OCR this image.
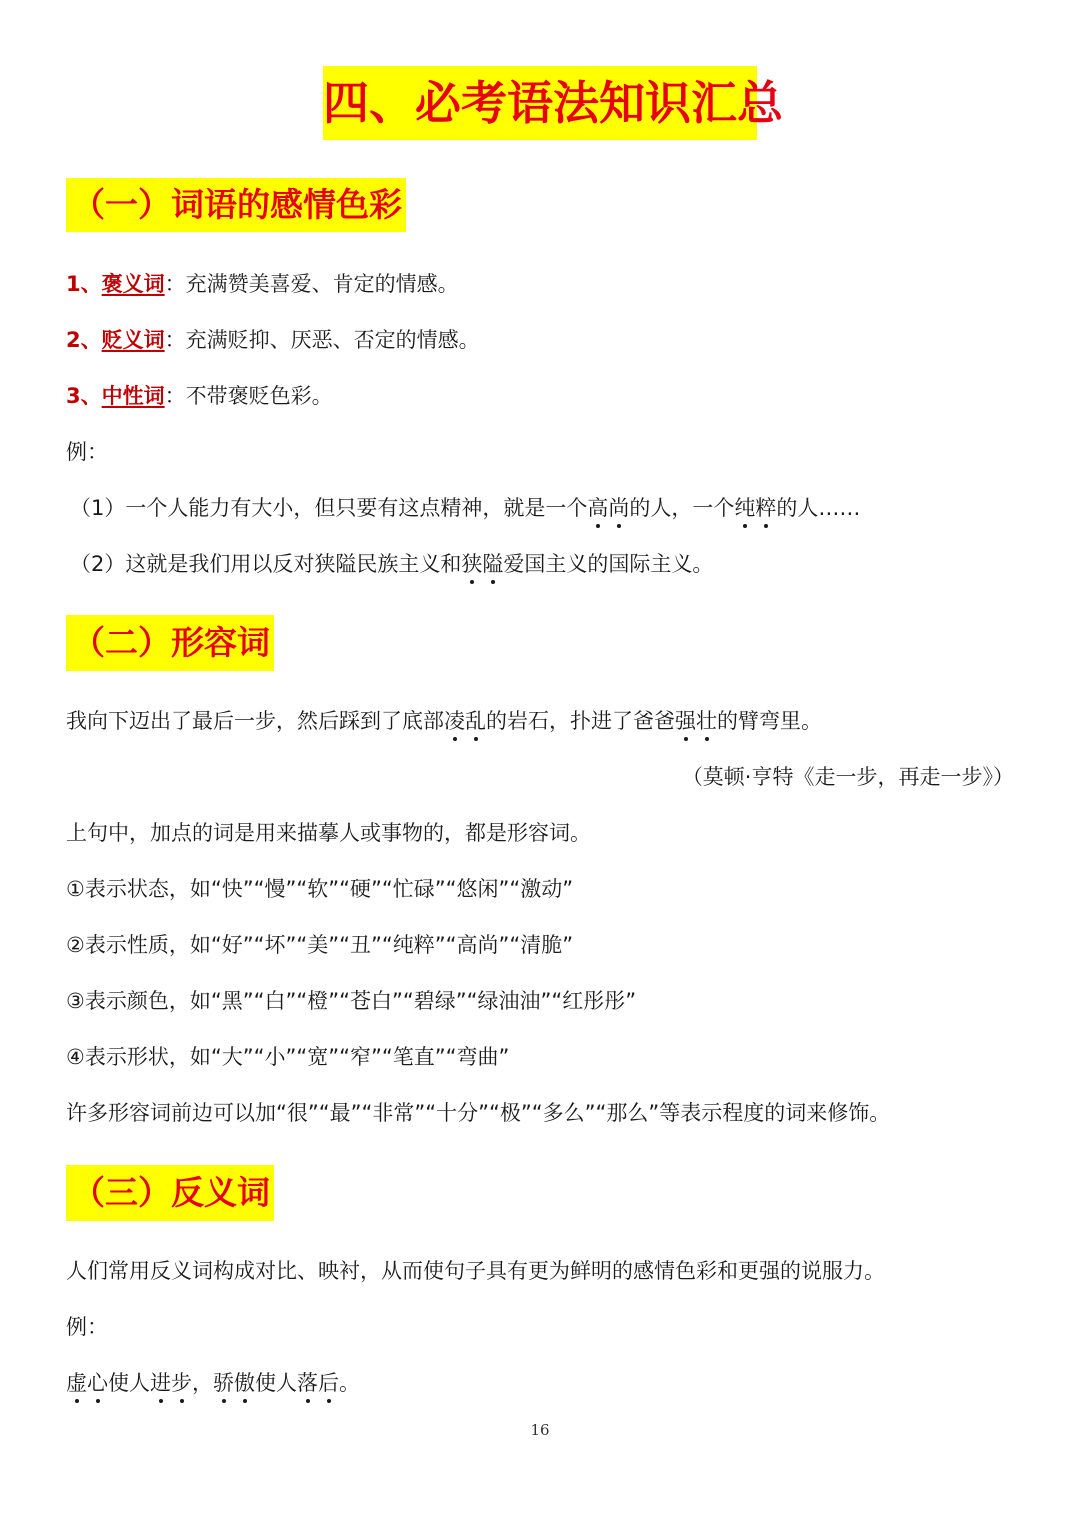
四、必考语法知识汇总
（一）词语的感情色彩
1、褒义词：充满赞美喜爱、肯定的情感。
2、贬义词：充满贬抑、厌恶、否定的情感。
3、中性词：不带褒贬色彩。
例：
（1）一个人能力有大小，但只要有这点精神，就是一个高尚的人，一个纯粹的人……
（2）这就是我们用以反对狭隘民族主义和狭隘爱国主义的国际主义。
（二）形容词
我向下迈出了最后一步，然后踩到了底部凌乱的岩石，扑进了爸爸强壮的臂弯里。
（莫顿·亨特《走一步，再走一步》）
上句中，加点的词是用来描摹人或事物的，都是形容词。
①表示状态，如“快”“慢”“软”“硬”“忙碌”“悠闲”“激动”
②表示性质，如“好”“坏”“美”“丑”“纯粹”“高尚”“清脆”
③表示颜色，如“黑”“白”“橙”“苍白”“碧绿”“绿油油”“红彤彤”
④表示形状，如“大”“小”“宽”“窄”“笔直”“弯曲”
许多形容词前边可以加“很”“最”“非常”“十分”“极”“多么”“那么”等表示程度的词来修饰。
（三）反义词
人们常用反义词构成对比、映衬，从而使句子具有更为鲜明的感情色彩和更强的说服力。
例：
虚心使人进步，骄傲使人落后。
16
